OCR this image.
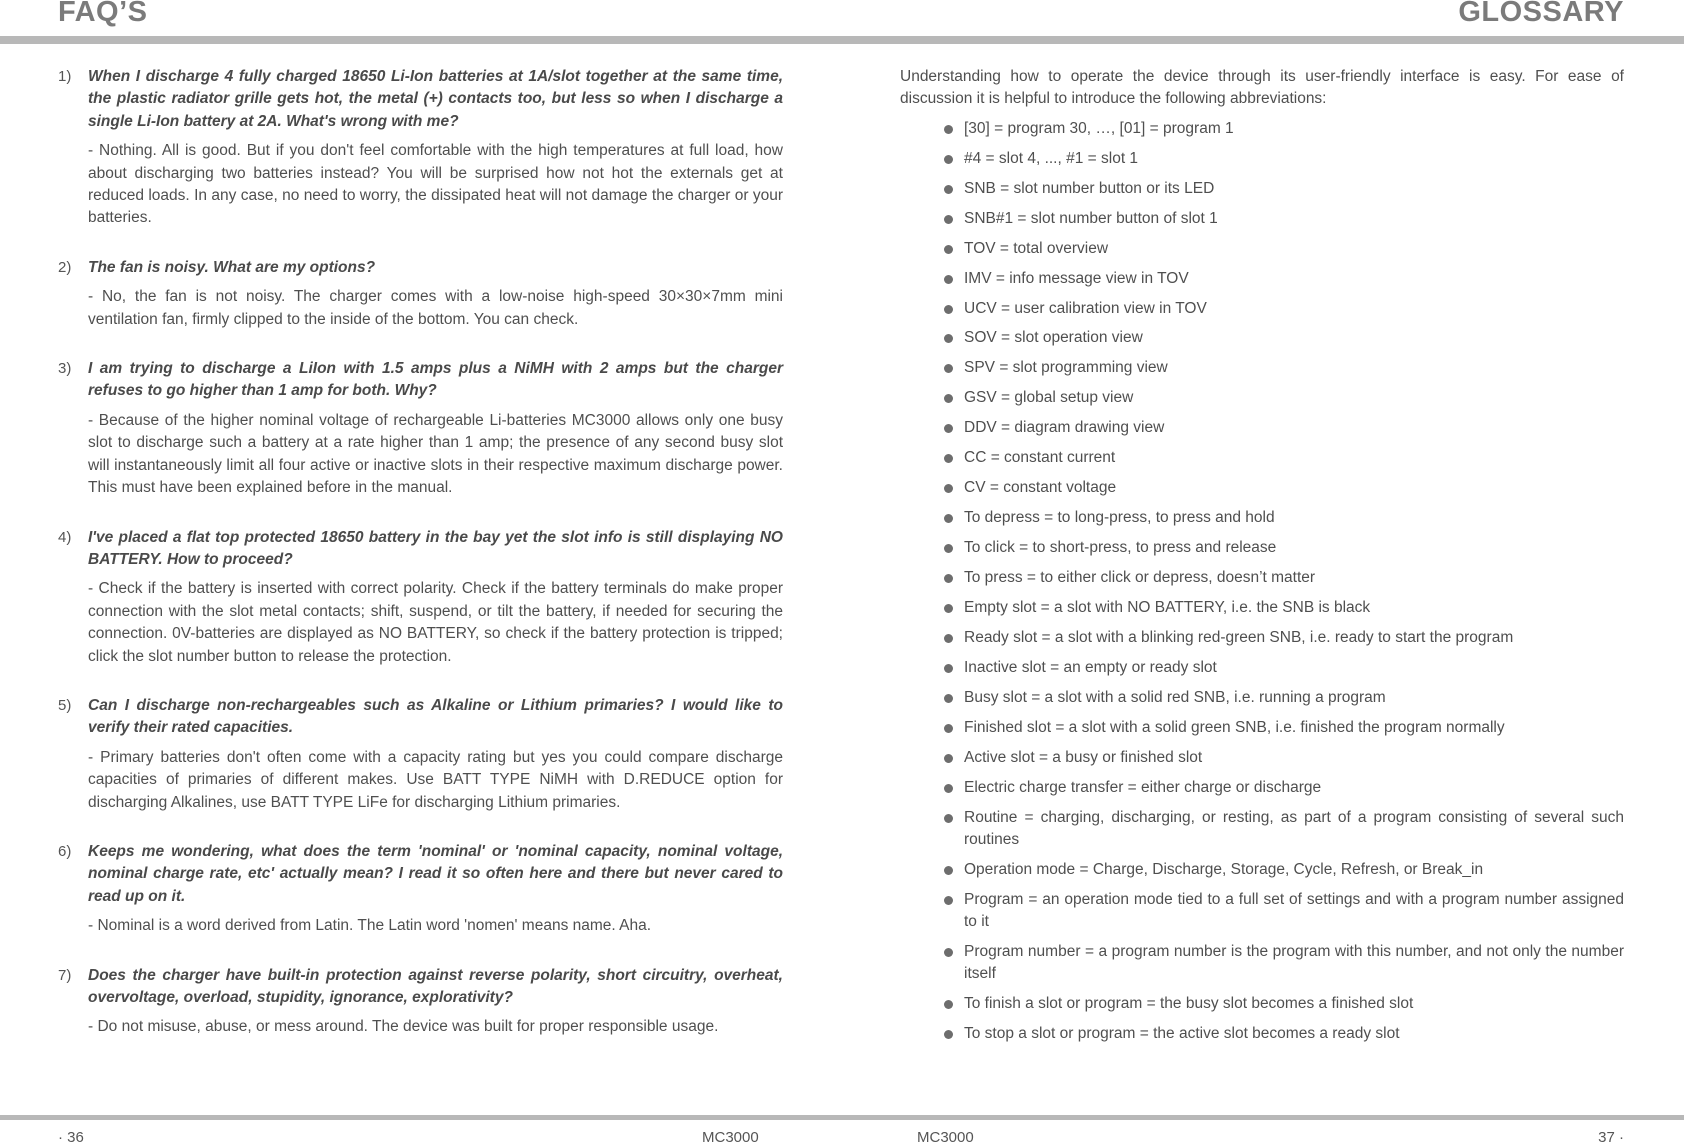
FAQ’S	GLOSSARY
1) When I discharge 4 fully charged 18650 Li-Ion batteries at 1A/slot together at the same time, the plastic radiator grille gets hot, the metal (+) contacts too, but less so when I discharge a single Li-Ion battery at 2A. What's wrong with me?
- Nothing. All is good. But if you don't feel comfortable with the high temperatures at full load, how about discharging two batteries instead? You will be surprised how not hot the externals get at reduced loads. In any case, no need to worry, the dissipated heat will not damage the charger or your batteries.
2) The fan is noisy. What are my options?
- No, the fan is not noisy. The charger comes with a low-noise high-speed 30×30×7mm mini ventilation fan, firmly clipped to the inside of the bottom. You can check.
3) I am trying to discharge a LiIon with 1.5 amps plus a NiMH with 2 amps but the charger refuses to go higher than 1 amp for both. Why?
- Because of the higher nominal voltage of rechargeable Li-batteries MC3000 allows only one busy slot to discharge such a battery at a rate higher than 1 amp; the presence of any second busy slot will instantaneously limit all four active or inactive slots in their respective maximum discharge power. This must have been explained before in the manual.
4) I've placed a flat top protected 18650 battery in the bay yet the slot info is still displaying NO BATTERY. How to proceed?
- Check if the battery is inserted with correct polarity. Check if the battery terminals do make proper connection with the slot metal contacts; shift, suspend, or tilt the battery, if needed for securing the connection. 0V-batteries are displayed as NO BATTERY, so check if the battery protection is tripped; click the slot number button to release the protection.
5) Can I discharge non-rechargeables such as Alkaline or Lithium primaries? I would like to verify their rated capacities.
- Primary batteries don't often come with a capacity rating but yes you could compare discharge capacities of primaries of different makes. Use BATT TYPE NiMH with D.REDUCE option for discharging Alkalines, use BATT TYPE LiFe for discharging Lithium primaries.
6) Keeps me wondering, what does the term 'nominal' or 'nominal capacity, nominal voltage, nominal charge rate, etc' actually mean? I read it so often here and there but never cared to read up on it.
- Nominal is a word derived from Latin. The Latin word 'nomen' means name. Aha.
7) Does the charger have built-in protection against reverse polarity, short circuitry, overheat, overvoltage, overload, stupidity, ignorance, explorativity?
- Do not misuse, abuse, or mess around. The device was built for proper responsible usage.
Understanding how to operate the device through its user-friendly interface is easy. For ease of discussion it is helpful to introduce the following abbreviations:
[30] = program 30, …, [01] = program 1
#4 = slot 4, ..., #1 = slot 1
SNB = slot number button or its LED
SNB#1 = slot number button of slot 1
TOV = total overview
IMV = info message view in TOV
UCV = user calibration view in TOV
SOV = slot operation view
SPV = slot programming view
GSV = global setup view
DDV = diagram drawing view
CC = constant current
CV = constant voltage
To depress = to long-press, to press and hold
To click = to short-press, to press and release
To press = to either click or depress, doesn’t matter
Empty slot = a slot with NO BATTERY, i.e. the SNB is black
Ready slot = a slot with a blinking red-green SNB, i.e. ready to start the program
Inactive slot = an empty or ready slot
Busy slot = a slot with a solid red SNB, i.e. running a program
Finished slot = a slot with a solid green SNB, i.e. finished the program normally
Active slot = a busy or finished slot
Electric charge transfer = either charge or discharge
Routine = charging, discharging, or resting, as part of a program consisting of several such routines
Operation mode = Charge, Discharge, Storage, Cycle, Refresh, or Break_in
Program = an operation mode tied to a full set of settings and with a program number assigned to it
Program number = a program number is the program with this number, and not only the number itself
To finish a slot or program = the busy slot becomes a finished slot
To stop a slot or program = the active slot becomes a ready slot
· 36	MC3000	MC3000	37 ·
